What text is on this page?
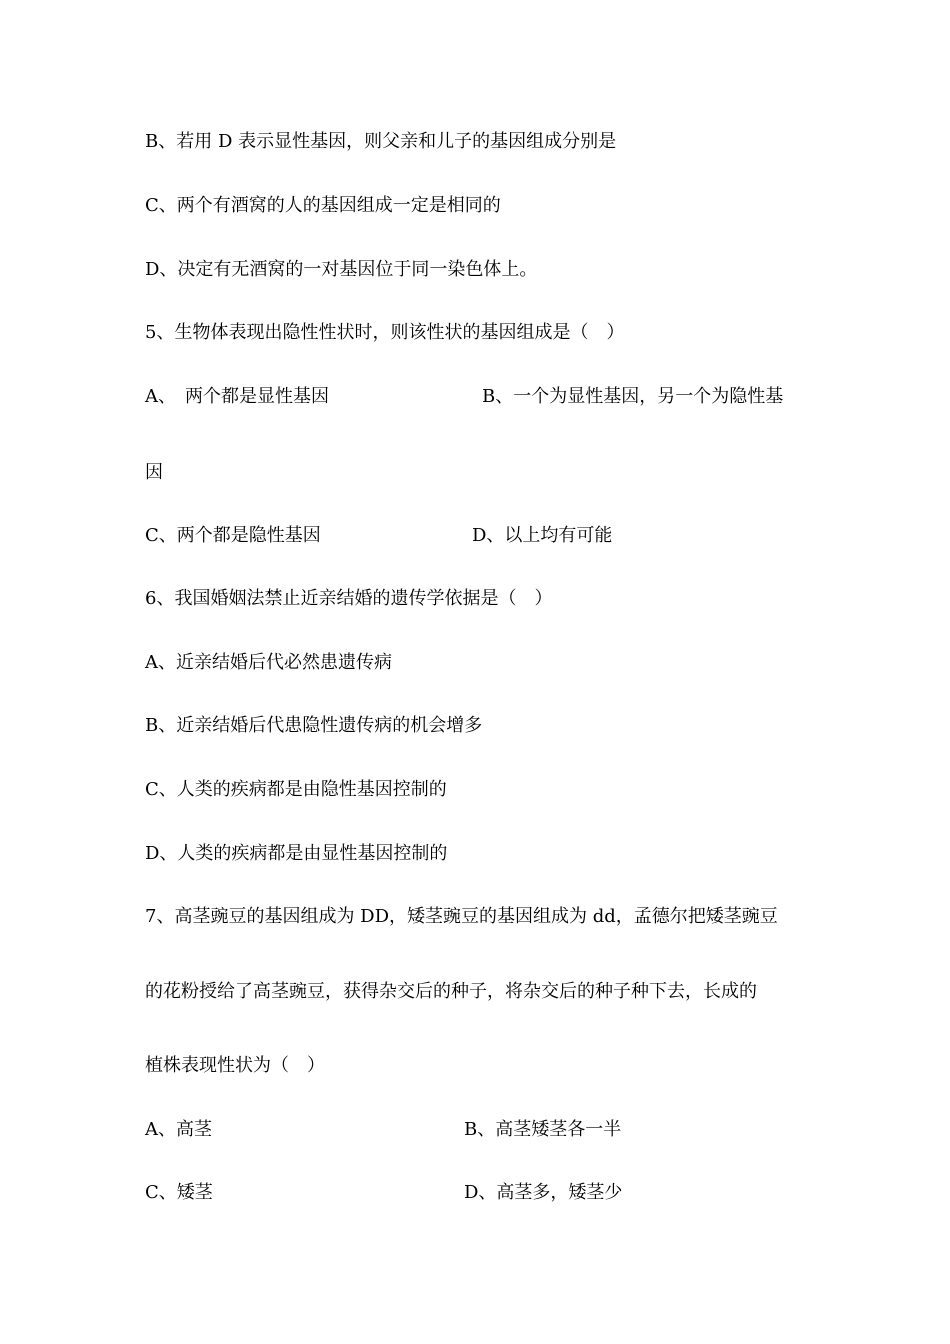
B、若用 D 表示显性基因，则父亲和儿子的基因组成分别是
C、两个有酒窝的人的基因组成一定是相同的
D、决定有无酒窝的一对基因位于同一染色体上。
5、生物体表现出隐性性状时，则该性状的基因组成是（　）
A、　两个都是显性基因	B、一个为显性基因，另一个为隐性基
因
C、两个都是隐性基因	D、以上均有可能
6、我国婚姻法禁止近亲结婚的遗传学依据是（　）
A、近亲结婚后代必然患遗传病
B、近亲结婚后代患隐性遗传病的机会增多
C、人类的疾病都是由隐性基因控制的
D、人类的疾病都是由显性基因控制的
7、高茎豌豆的基因组成为 DD，矮茎豌豆的基因组成为 dd，孟德尔把矮茎豌豆
的花粉授给了高茎豌豆，获得杂交后的种子，将杂交后的种子种下去，长成的
植株表现性状为（　）
A、高茎	B、高茎矮茎各一半
C、矮茎	D、高茎多，矮茎少
